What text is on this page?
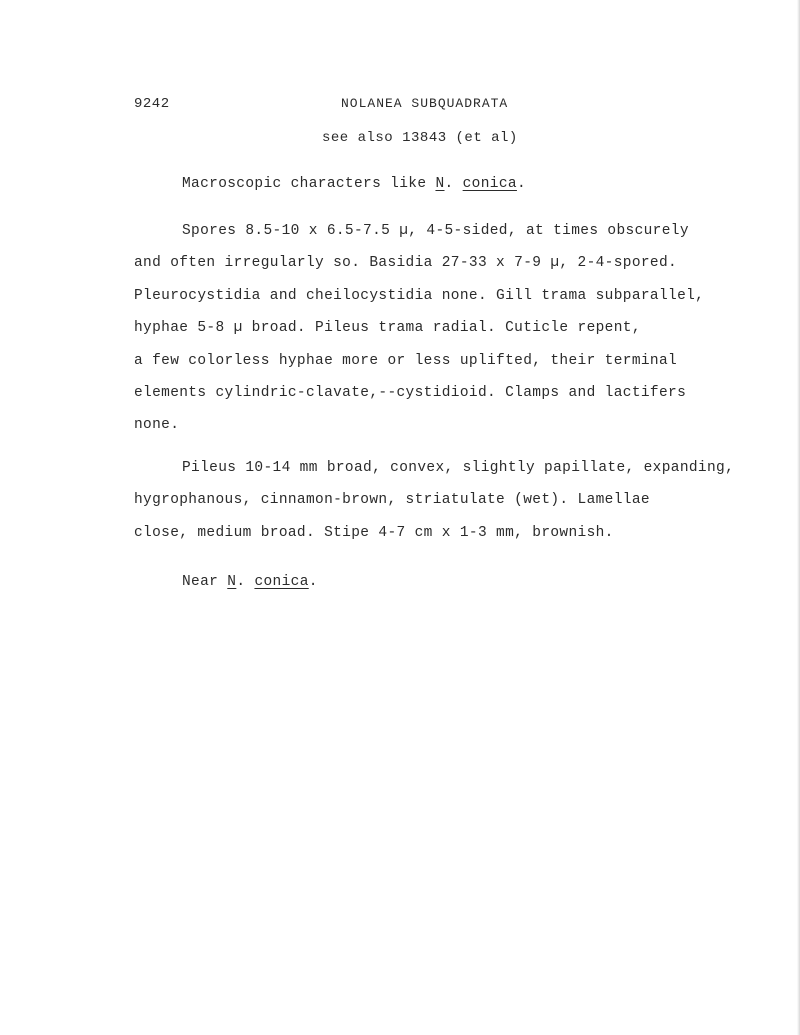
9242	NOLANEA SUBQUADRATA
see also 13843 (et al)
Macroscopic characters like N. conica.
Spores 8.5-10 x 6.5-7.5 µ, 4-5-sided, at times obscurely
and often irregularly so. Basidia 27-33 x 7-9 µ, 2-4-spored.
Pleurocystidia and cheilocystidia none. Gill trama subparallel,
hyphae 5-8 µ broad. Pileus trama radial. Cuticle repent,
a few colorless hyphae more or less uplifted, their terminal
elements cylindric-clavate,--cystidioid. Clamps and lactifers
none.
Pileus 10-14 mm broad, convex, slightly papillate, expanding,
hygrophanous, cinnamon-brown, striatulate (wet). Lamellae
close, medium broad. Stipe 4-7 cm x 1-3 mm, brownish.
Near N. conica.
